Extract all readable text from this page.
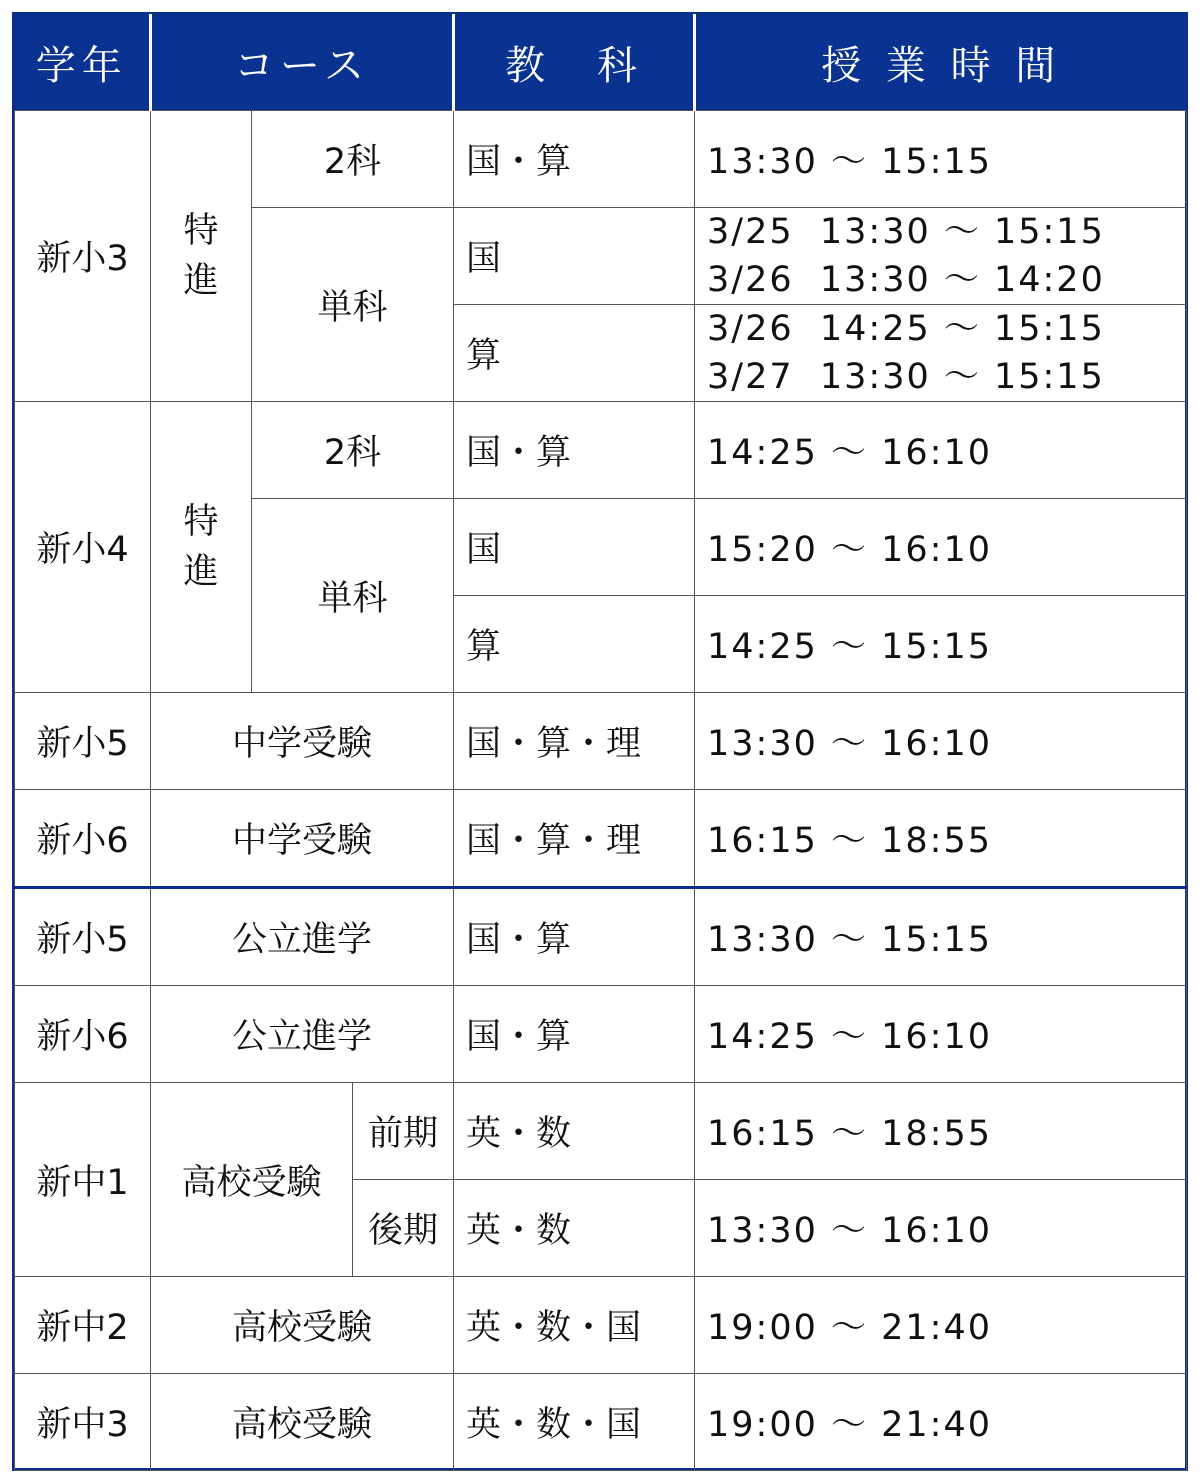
学年	コース			教　科	授 業 時 間
新小3	特進	2科		国・算	13:30 〜 15:15
		単科		国	3/25  13:30 〜 15:15
3/26  13:30 〜 14:20

				算	3/26  14:25 〜 15:15
3/27  13:30 〜 15:15

新小4	特進	2科		国・算	14:25 〜 16:10
		単科		国	15:20 〜 16:10
				算	14:25 〜 15:15
新小5	中学受験			国・算・理	13:30 〜 16:10
新小6	中学受験			国・算・理	16:15 〜 18:55
新小5	公立進学			国・算	13:30 〜 15:15
新小6	公立進学			国・算	14:25 〜 16:10
新中1	高校受験		前期	英・数	16:15 〜 18:55
			後期	英・数	13:30 〜 16:10
新中2	高校受験			英・数・国	19:00 〜 21:40
新中3	高校受験			英・数・国	19:00 〜 21:40
